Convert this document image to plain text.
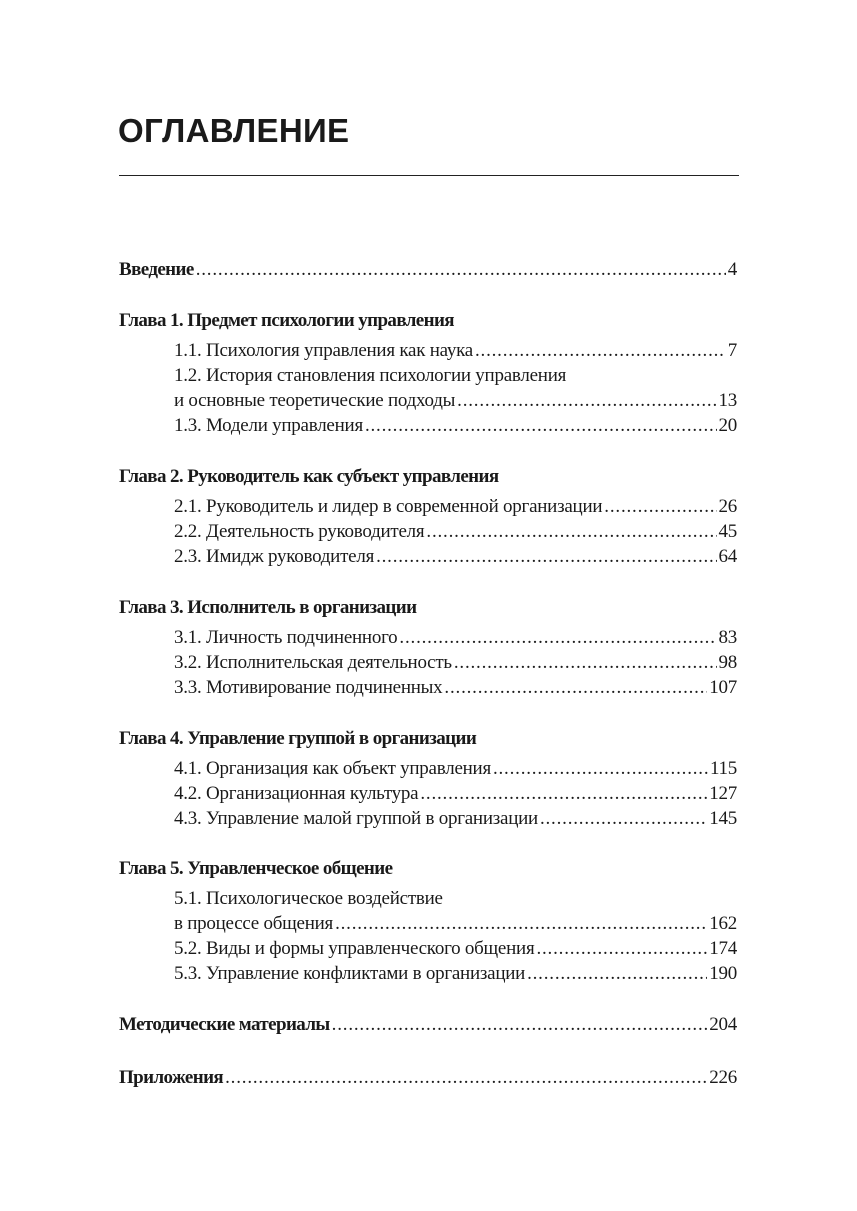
ОГЛАВЛЕНИЕ
Введение .....	4
Глава 1. Предмет психологии управления
1.1. Психология управления как наука .....	7
1.2. История становления психологии управления
и основные теоретические подходы .....	13
1.3. Модели управления .....	20
Глава 2. Руководитель как субъект управления
2.1. Руководитель и лидер в современной организации .....	26
2.2. Деятельность руководителя .....	45
2.3. Имидж руководителя .....	64
Глава 3. Исполнитель в организации
3.1. Личность подчиненного .....	83
3.2. Исполнительская деятельность .....	98
3.3. Мотивирование подчиненных .....	107
Глава 4. Управление группой в организации
4.1. Организация как объект управления .....	115
4.2. Организационная культура .....	127
4.3. Управление малой группой в организации .....	145
Глава 5. Управленческое общение
5.1. Психологическое воздействие
в процессе общения .....	162
5.2. Виды и формы управленческого общения .....	174
5.3. Управление конфликтами в организации .....	190
Методические материалы .....	204
Приложения .....	226
